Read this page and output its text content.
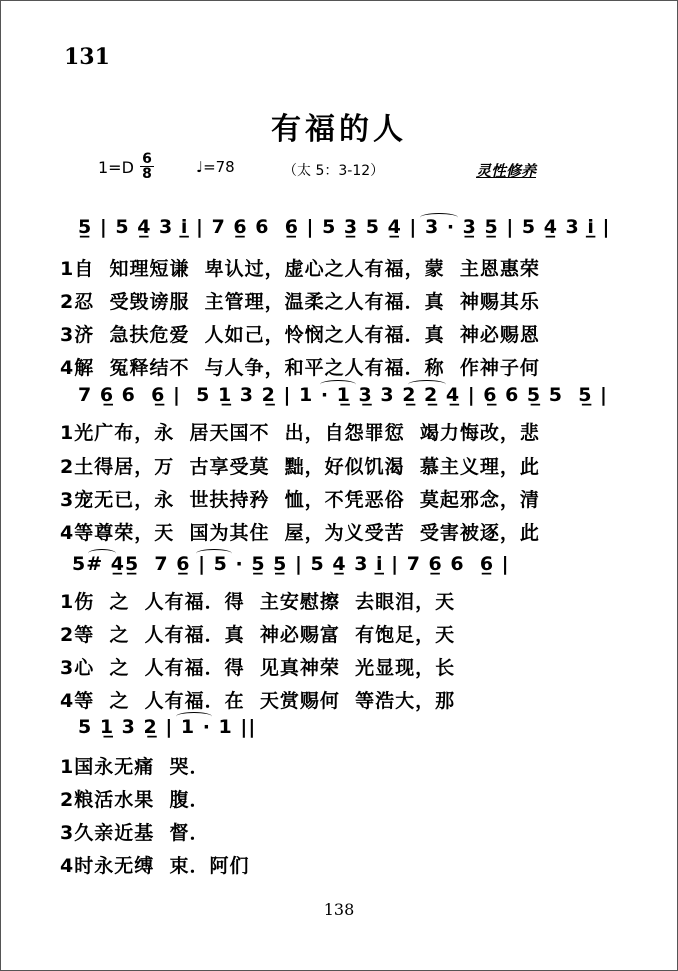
131
有福的人
$1=D \frac{6}{8}$	♩=78	（太 5：3-12）	灵性修养
5̲ | 5 4̲ 3 i̲ | 7 6̲ 6  6̲ | 5 3̲ 5 4̲ | 3 · 3̲ 5̲ | 5 4̲ 3 i̲ |
1自  知理短谦  卑认过，虚心之人有福，蒙  主恩惠荣
2忍  受毁谤服  主管理，温柔之人有福．真  神赐其乐
3济  急扶危爱  人如己，怜悯之人有福．真  神必赐恩
4解  冤释结不  与人争，和平之人有福．称  作神子何
7 6̲ 6  6̲ |  5 1̲ 3 2̲ | 1 · 1̲ 3̲ 3 2̲ 2̲ 4̲ | 6̲ 6 5̲ 5  5̲ |
1光广布，永  居天国不  出，自怨罪愆  竭力悔改，悲
2土得居，万  古享受莫  黜，好似饥渴  慕主义理，此
3宠无已，永  世扶持矜  恤，不凭恶俗  莫起邪念，清
4等尊荣，天  国为其住  屋，为义受苦  受害被逐，此
5# 4̲5̲  7 6̲ | 5 · 5̲ 5̲ | 5 4̲ 3 i̲ | 7 6̲ 6  6̲ |
1伤  之  人有福．得  主安慰擦  去眼泪，天
2等  之  人有福．真  神必赐富  有饱足，天
3心  之  人有福．得  见真神荣  光显现，长
4等  之  人有福．在  天赏赐何  等浩大，那
5 1̲ 3 2̲ | 1 · 1 ||
1国永无痛  哭．
2粮活水果  腹．
3久亲近基  督．
4时永无缚  束．阿们
138
